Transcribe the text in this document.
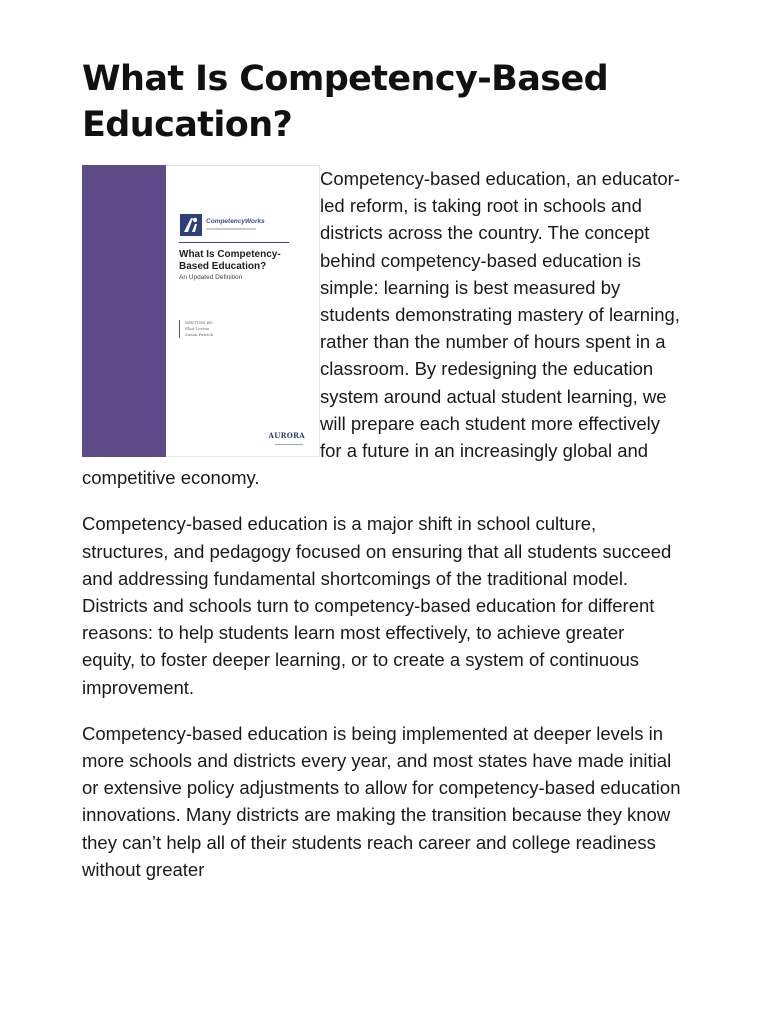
What Is Competency-Based Education?
CompetencyWorks
What Is Competency-Based Education?
An Updated Definition
WRITTEN BY:
Eliot Levine
Susan Patrick
AURORA

Competency-based education, an educator-led reform, is taking root in schools and districts across the country. The concept behind competency-based education is simple: learning is best measured by students demonstrating mastery of learning, rather than the number of hours spent in a classroom. By redesigning the education system around actual student learning, we will prepare each student more effectively for a future in an increasingly global and competitive economy.

Competency-based education is a major shift in school culture, structures, and pedagogy focused on ensuring that all students succeed and addressing fundamental shortcomings of the traditional model. Districts and schools turn to competency-based education for different reasons: to help students learn most effectively, to achieve greater equity, to foster deeper learning, or to create a system of continuous improvement.

Competency-based education is being implemented at deeper levels in more schools and districts every year, and most states have made initial or extensive policy adjustments to allow for competency-based education innovations. Many districts are making the transition because they know they can’t help all of their students reach career and college readiness without greater
